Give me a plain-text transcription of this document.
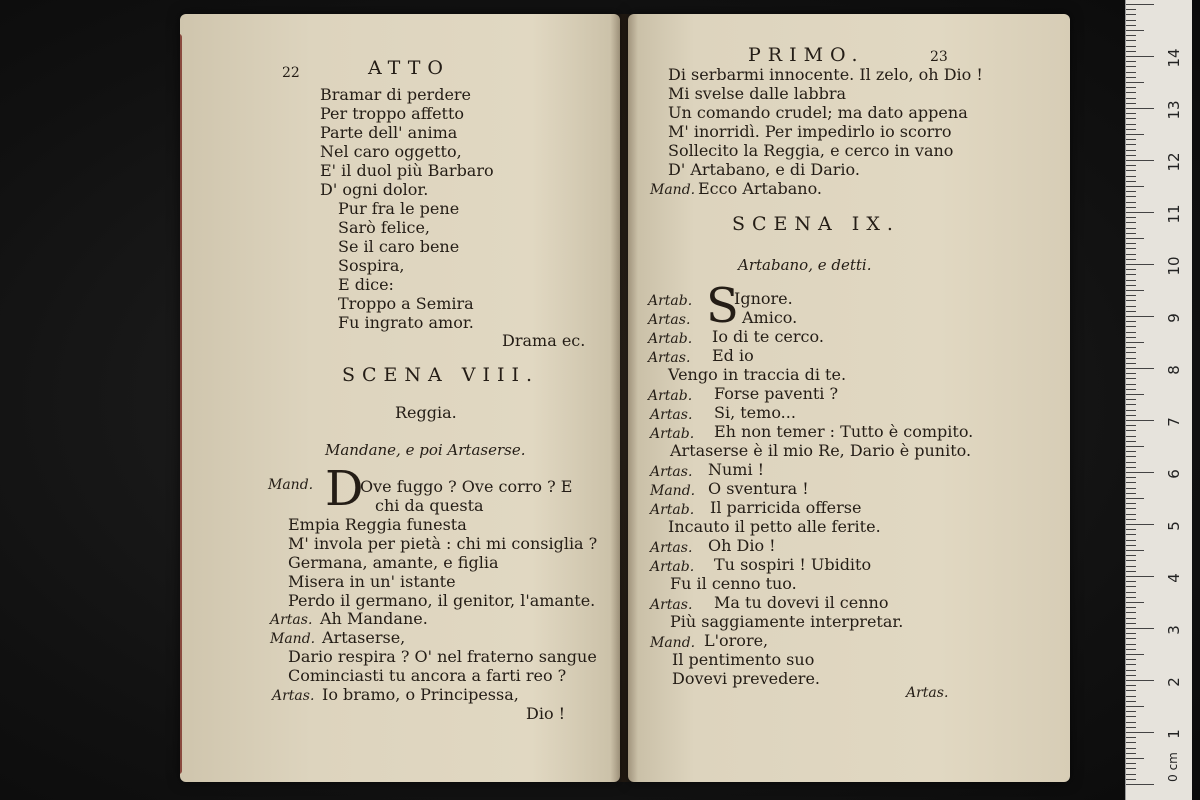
22	ATTO
Bramar di perdere
Per troppo affetto
Parte dell' anima
Nel caro oggetto,
E' il duol più Barbaro
D' ogni dolor.
Pur fra le pene
Sarò felice,
Se il caro bene
Sospira,
E dice:
Troppo a Semira
Fu ingrato amor.
Drama ec.
SCENA VIII.
Reggia.
Mandane, e poi Artaserse.
Mand. D
Ove fuggo ? Ove corro ? E
chi da questa
Empia Reggia funesta
M' invola per pietà : chi mi consiglia ?
Germana, amante, e figlia
Misera in un' istante
Perdo il germano, il genitor, l'amante.
Artas. Ah Mandane.
Mand. Artaserse,
Dario respira ? O' nel fraterno sangue
Cominciasti tu ancora a farti reo ?
Artas. Io bramo, o Principessa,
Dio !
PRIMO.	23
Di serbarmi innocente. Il zelo, oh Dio !
Mi svelse dalle labbra
Un comando crudel; ma dato appena
M' inorridì. Per impedirlo io scorro
Sollecito la Reggia, e cerco in vano
D' Artabano, e di Dario.
Mand. Ecco Artabano.
SCENA IX.
Artabano, e detti.
Artab. S
Ignore.
Artas.	Amico.
Artab. Io di te cerco.
Artas. Ed io
Vengo in traccia di te.
Artab. Forse paventi ?
Artas. Si, temo...
Artab. Eh non temer : Tutto è compito.
Artaserse è il mio Re, Dario è punito.
Artas. Numi !
Mand. O sventura !
Artab. Il parricida offerse
Incauto il petto alle ferite.
Artas. Oh Dio !
Artab. Tu sospiri ! Ubidito
Fu il cenno tuo.
Artas. Ma tu dovevi il cenno
Più saggiamente interpretar.
Mand. L'orore,
Il pentimento suo
Dovevi prevedere.
Artas.
1
2
3
4
5
6
7
8
9
10
11
12
13
14
0 cm
